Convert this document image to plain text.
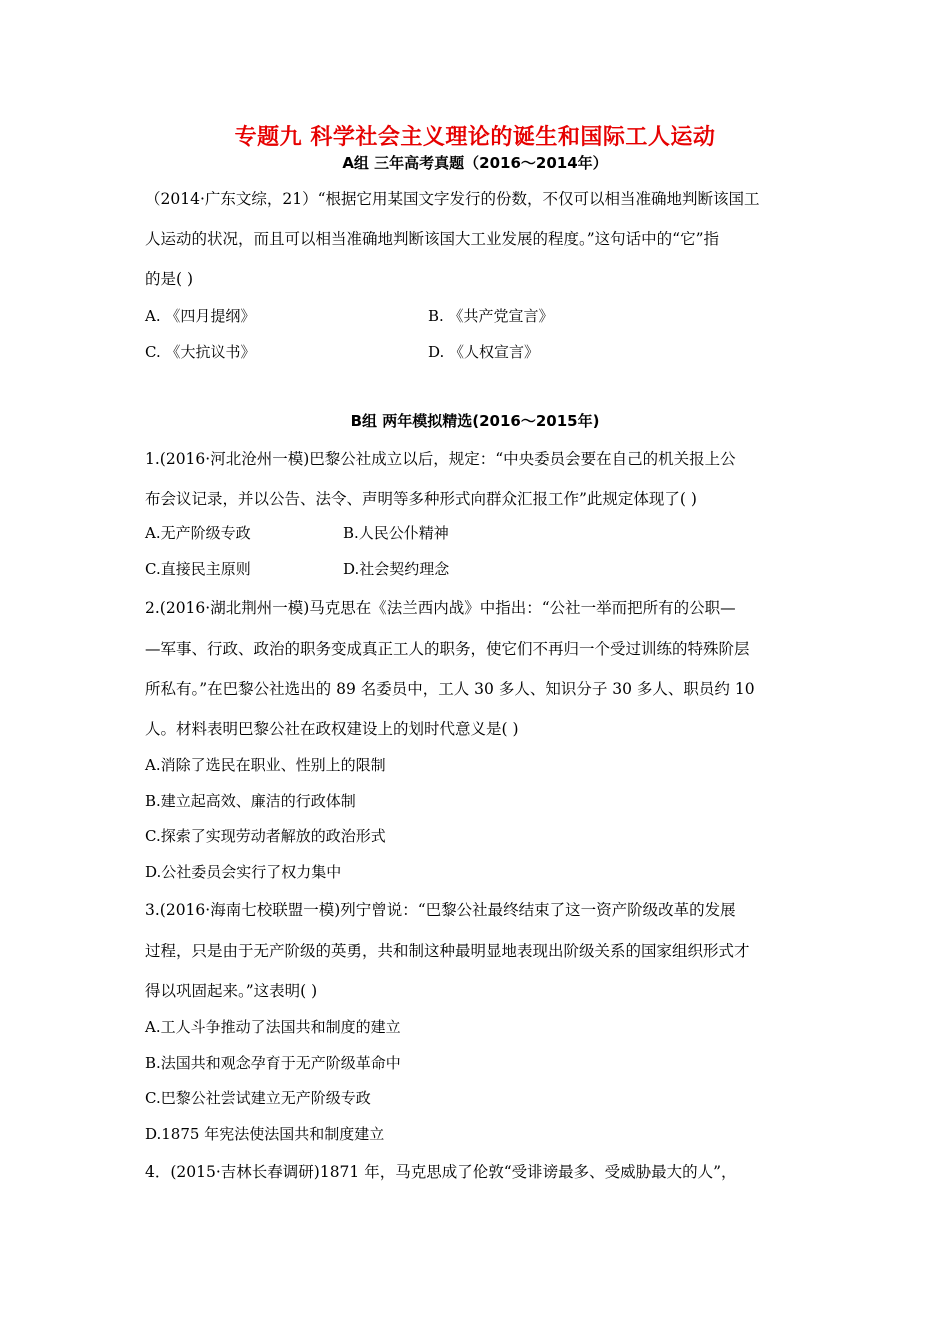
专题九 科学社会主义理论的诞生和国际工人运动
A组 三年高考真题（2016～2014年）
（2014·广东文综，21）“根据它用某国文字发行的份数，不仅可以相当准确地判断该国工
人运动的状况，而且可以相当准确地判断该国大工业发展的程度。”这句话中的“它”指
的是( )
A. 《四月提纲》	B. 《共产党宣言》
C. 《大抗议书》	D. 《人权宣言》
B组 两年模拟精选(2016～2015年)
1.(2016·河北沧州一模)巴黎公社成立以后，规定：“中央委员会要在自己的机关报上公
布会议记录，并以公告、法令、声明等多种形式向群众汇报工作”此规定体现了( )
A.无产阶级专政	B.人民公仆精神
C.直接民主原则	D.社会契约理念
2.(2016·湖北荆州一模)马克思在《法兰西内战》中指出：“公社一举而把所有的公职—
—军事、行政、政治的职务变成真正工人的职务，使它们不再归一个受过训练的特殊阶层
所私有。”在巴黎公社选出的 89 名委员中，工人 30 多人、知识分子 30 多人、职员约 10
人。材料表明巴黎公社在政权建设上的划时代意义是( )
A.消除了选民在职业、性别上的限制
B.建立起高效、廉洁的行政体制
C.探索了实现劳动者解放的政治形式
D.公社委员会实行了权力集中
3.(2016·海南七校联盟一模)列宁曾说：“巴黎公社最终结束了这一资产阶级改革的发展
过程，只是由于无产阶级的英勇，共和制这种最明显地表现出阶级关系的国家组织形式才
得以巩固起来。”这表明( )
A.工人斗争推动了法国共和制度的建立
B.法国共和观念孕育于无产阶级革命中
C.巴黎公社尝试建立无产阶级专政
D.1875 年宪法使法国共和制度建立
4．(2015·吉林长春调研)1871 年，马克思成了伦敦“受诽谤最多、受威胁最大的人”，
